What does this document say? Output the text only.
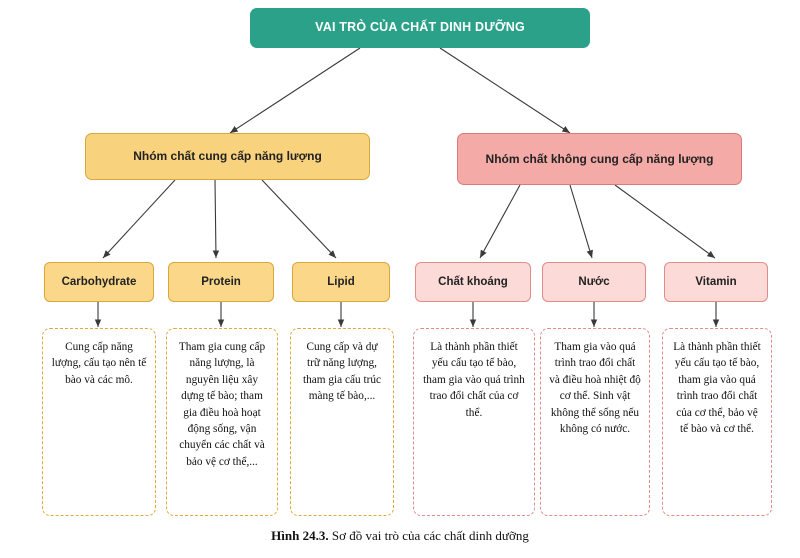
VAI TRÒ CỦA CHẤT DINH DƯỠNG
Nhóm chất cung cấp năng lượng	Nhóm chất không cung cấp năng lượng
Carbohydrate	Protein	Lipid	Chất khoáng	Nước	Vitamin
Cung cấp năng lượng, cấu tạo nên tế bào và các mô.
Tham gia cung cấp năng lượng, là nguyên liệu xây dựng tế bào; tham gia điều hoà hoạt động sống, vận chuyển các chất và bảo vệ cơ thể,...
Cung cấp và dự trữ năng lượng, tham gia cấu trúc màng tế bào,...
Là thành phần thiết yếu cấu tạo tế bào, tham gia vào quá trình trao đổi chất của cơ thể.
Tham gia vào quá trình trao đổi chất và điều hoà nhiệt độ cơ thể. Sinh vật không thể sống nếu không có nước.
Là thành phần thiết yếu cấu tạo tế bào, tham gia vào quá trình trao đổi chất của cơ thể, bảo vệ tế bào và cơ thể.
Hình 24.3. Sơ đồ vai trò của các chất dinh dưỡng
